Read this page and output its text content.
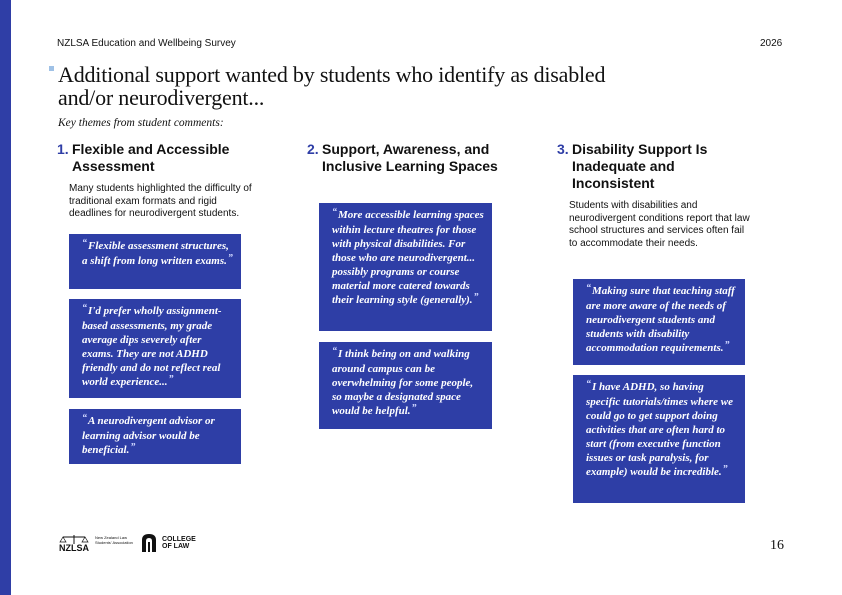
NZLSA Education and Wellbeing Survey	2026
Additional support wanted by students who identify as disabled and/or neurodivergent...
Key themes from student comments:
1. Flexible and Accessible Assessment
Many students highlighted the difficulty of traditional exam formats and rigid deadlines for neurodivergent students.
“Flexible assessment structures, a shift from long written exams.”
“I'd prefer wholly assignment-based assessments, my grade average dips severely after exams. They are not ADHD friendly and do not reflect real world experience...”
“A neurodivergent advisor or learning advisor would be beneficial.”
2. Support, Awareness, and Inclusive Learning Spaces
“More accessible learning spaces within lecture theatres for those with physical disabilities. For those who are neurodivergent... possibly programs or course material more catered towards their learning style (generally).”
“I think being on and walking around campus can be overwhelming for some people, so maybe a designated space would be helpful.”
3. Disability Support Is Inadequate and Inconsistent
Students with disabilities and neurodivergent conditions report that law school structures and services often fail to accommodate their needs.
“Making sure that teaching staff are more aware of the needs of neurodivergent students and students with disability accommodation requirements.”
“I have ADHD, so having specific tutorials/times where we could go to get support doing activities that are often hard to start (from executive function issues or task paralysis, for example) would be incredible.”
NZLSA
New Zealand Law Students' Association	COLLEGE OF LAW	16
